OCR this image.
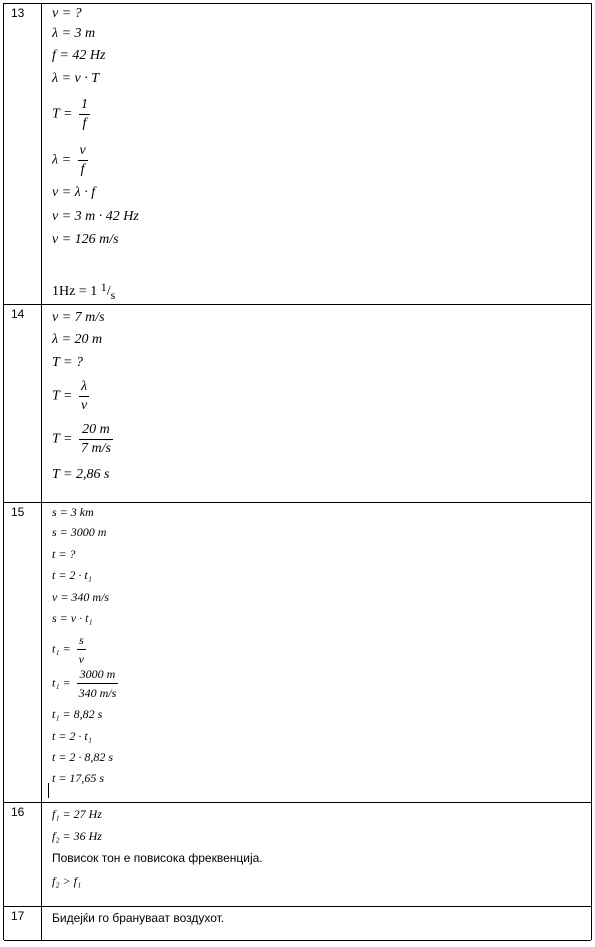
13 v = ?
λ = 3 m
f = 42 Hz
λ = v · T
$T = \frac{1}{f}$
$\lambda = \frac{v}{f}$
v = λ · f
v = 3 m · 42 Hz
v = 126 m/s
1Hz = 1 1/s
14 v = 7 m/s
λ = 20 m
T = ?
$T = \frac{\lambda}{v}$
$T = \frac{20 m}{7 m/s}$
T = 2,86 s
15 s = 3 km
s = 3000 m
t = ?
t = 2 · t₁
v = 340 m/s
s = v · t₁
$t_1 = \frac{s}{v}$
$t_1 = \frac{3000 m}{340 m/s}$
t₁ = 8,82 s
t = 2 · t₁
t = 2 · 8,82 s
t = 17,65 s
16 f₁ = 27 Hz
f₂ = 36 Hz
Повисок тон е повисока фреквенција.
f₂ > f₁
17 Бидејќи го брануваат воздухот.
